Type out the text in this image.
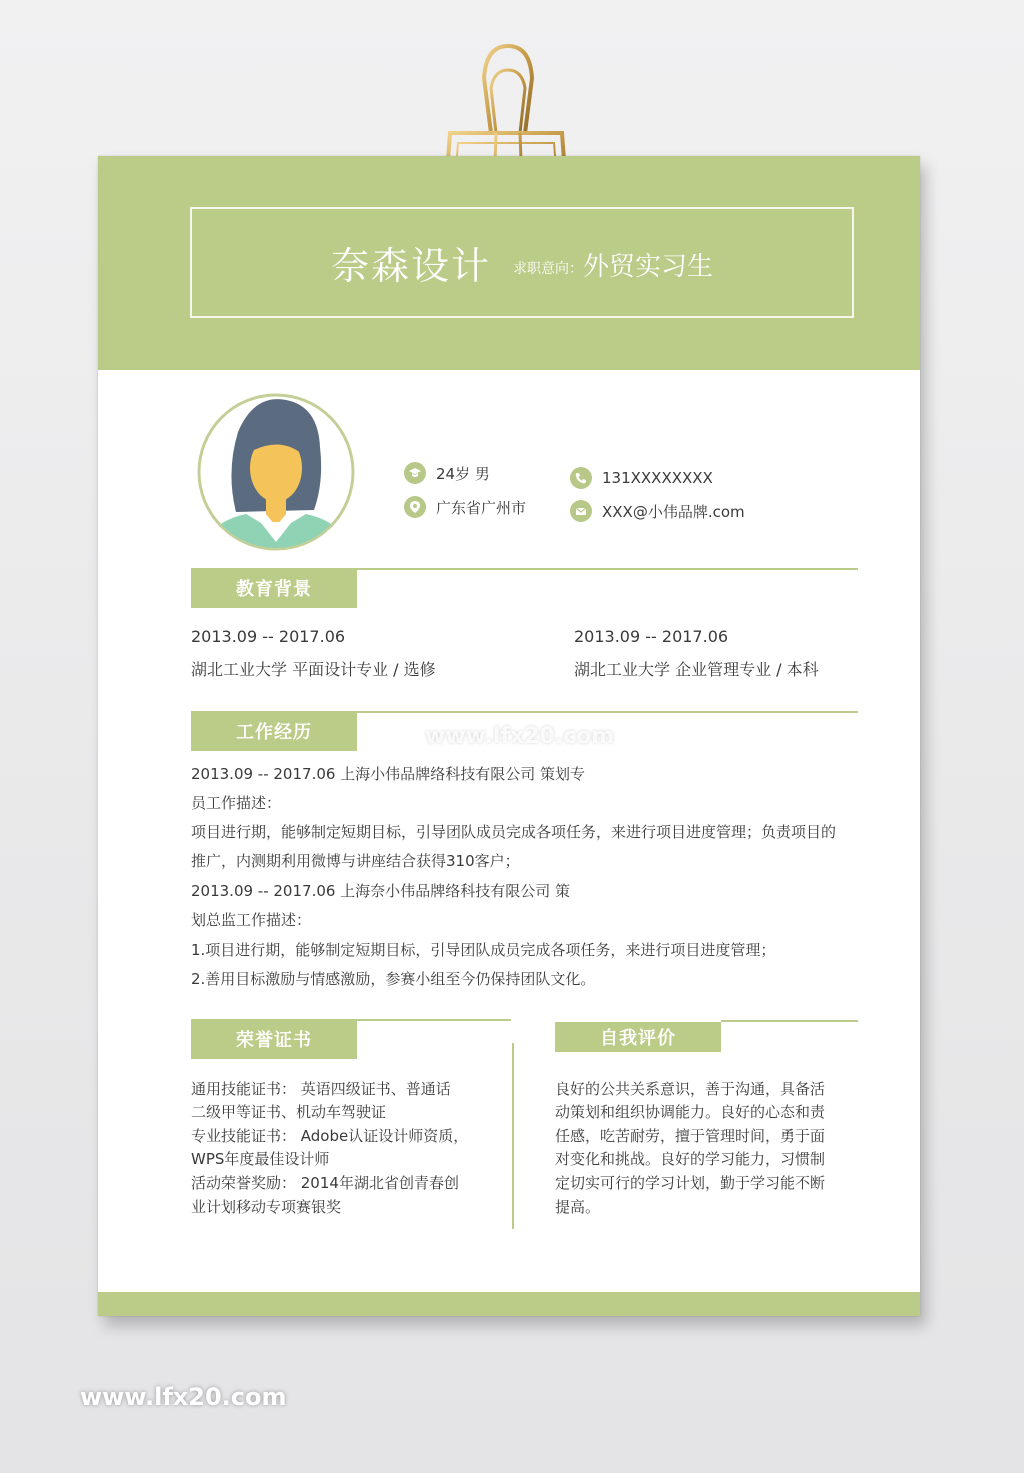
奈森设计 求职意向： 外贸实习生
24岁 男
广东省广州市
131XXXXXXXX
XXX@小伟品牌.com
教育背景
2013.09 -- 2017.06
湖北工业大学 平面设计专业 / 选修
2013.09 -- 2017.06
湖北工业大学 企业管理专业 / 本科
工作经历
2013.09 -- 2017.06 上海小伟品牌络科技有限公司 策划专
员工作描述：
项目进行期，能够制定短期目标，引导团队成员完成各项任务，来进行项目进度管理；负责项目的
推广，内测期利用微博与讲座结合获得310客户；
2013.09 -- 2017.06 上海奈小伟品牌络科技有限公司 策
划总监工作描述：
1.项目进行期，能够制定短期目标，引导团队成员完成各项任务，来进行项目进度管理；
2.善用目标激励与情感激励，参赛小组至今仍保持团队文化。
荣誉证书
通用技能证书： 英语四级证书、普通话
二级甲等证书、机动车驾驶证
专业技能证书： Adobe认证设计师资质，
WPS年度最佳设计师
活动荣誉奖励： 2014年湖北省创青春创
业计划移动专项赛银奖
自我评价
良好的公共关系意识，善于沟通，具备活
动策划和组织协调能力。良好的心态和责
任感，吃苦耐劳，擅于管理时间，勇于面
对变化和挑战。良好的学习能力，习惯制
定切实可行的学习计划，勤于学习能不断
提高。
www.lfx20.com
www.lfx20.com
